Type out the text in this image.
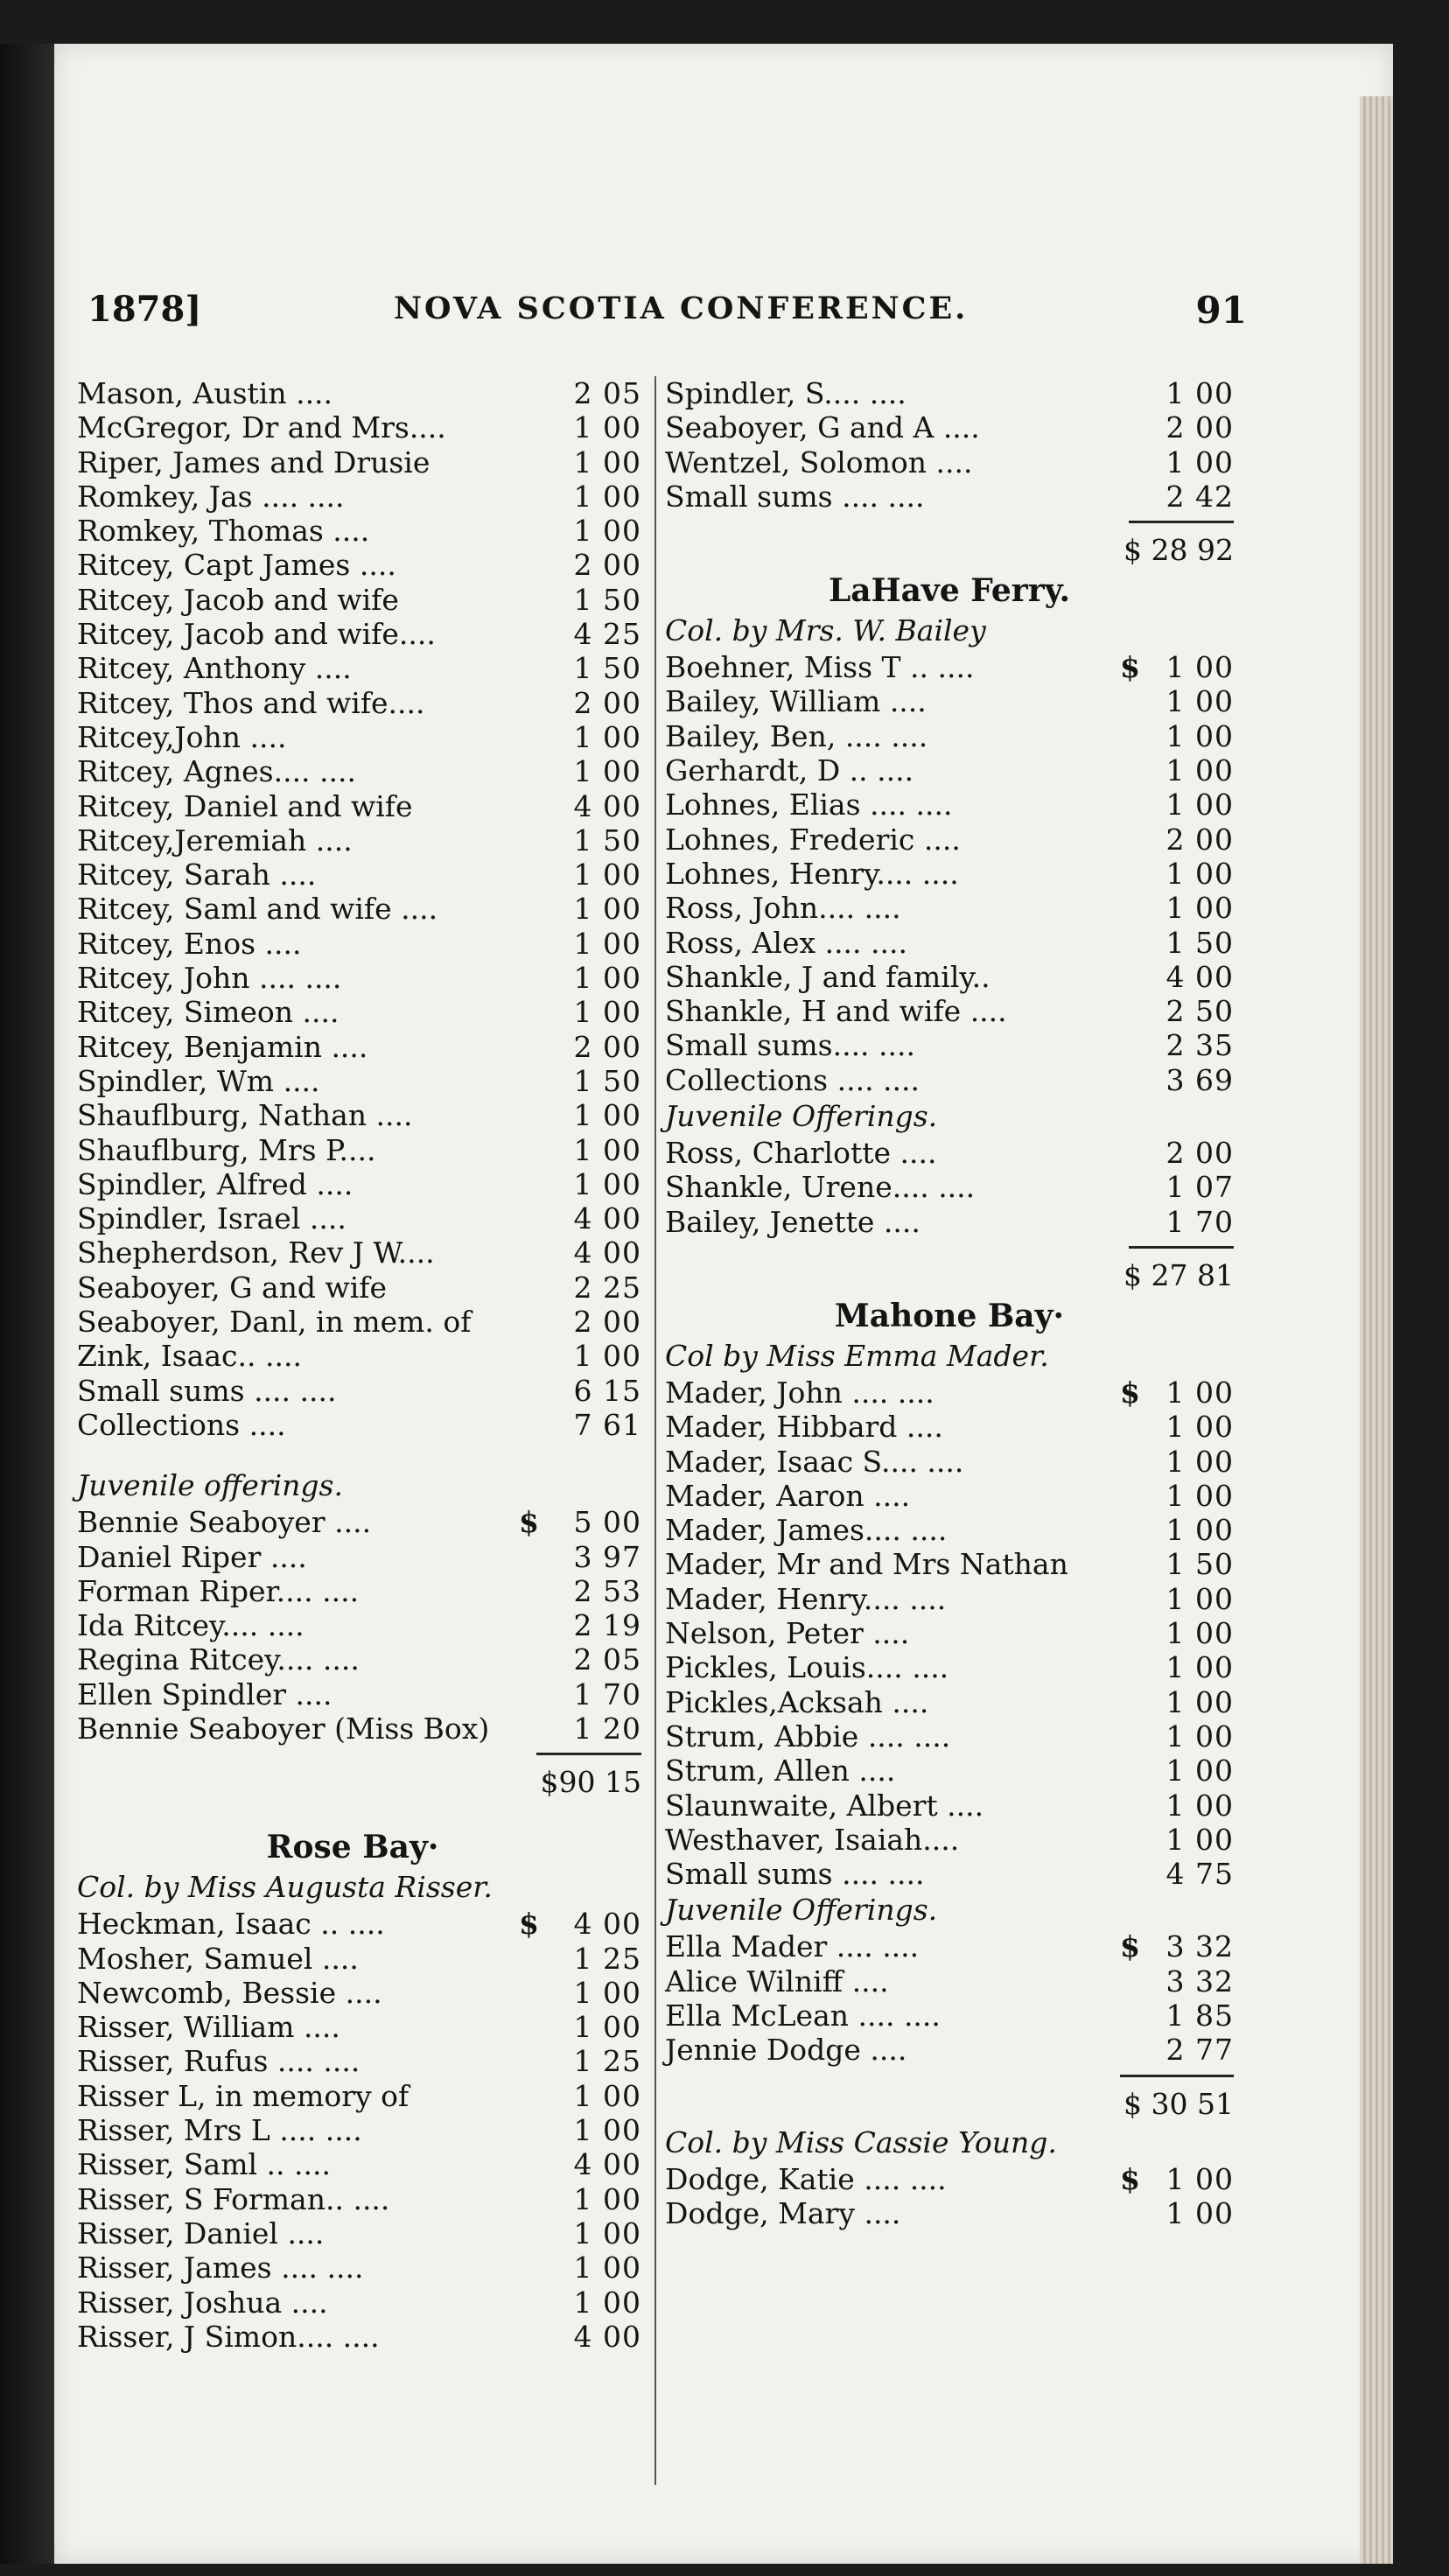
1878]	NOVA SCOTIA CONFERENCE.	91
Mason, Austin ....	2 05
McGregor, Dr and Mrs....	1 00
Riper, James and Drusie	1 00
Romkey, Jas .... ....	1 00
Romkey, Thomas ....	1 00
Ritcey, Capt James ....	2 00
Ritcey, Jacob and wife	1 50
Ritcey, Jacob and wife....	4 25
Ritcey, Anthony ....	1 50
Ritcey, Thos and wife....	2 00
Ritcey,John ....	1 00
Ritcey, Agnes.... ....	1 00
Ritcey, Daniel and wife	4 00
Ritcey,Jeremiah ....	1 50
Ritcey, Sarah ....	1 00
Ritcey, Saml and wife ....	1 00
Ritcey, Enos ....	1 00
Ritcey, John .... ....	1 00
Ritcey, Simeon ....	1 00
Ritcey, Benjamin ....	2 00
Spindler, Wm ....	1 50
Shauflburg, Nathan ....	1 00
Shauflburg, Mrs P....	1 00
Spindler, Alfred ....	1 00
Spindler, Israel ....	4 00
Shepherdson, Rev J W....	4 00
Seaboyer, G and wife	2 25
Seaboyer, Danl, in mem. of	2 00
Zink, Isaac.. ....	1 00
Small sums .... ....	6 15
Collections ....	7 61
Juvenile offerings.
Bennie Seaboyer ....	$ 5 00
Daniel Riper ....	3 97
Forman Riper.... ....	2 53
Ida Ritcey.... ....	2 19
Regina Ritcey.... ....	2 05
Ellen Spindler ....	1 70
Bennie Seaboyer (Miss Box)	1 20
$90 15
Rose Bay·
Col. by Miss Augusta Risser.
Heckman, Isaac .. ....	$ 4 00
Mosher, Samuel ....	1 25
Newcomb, Bessie ....	1 00
Risser, William ....	1 00
Risser, Rufus .... ....	1 25
Risser L, in memory of	1 00
Risser, Mrs L .... ....	1 00
Risser, Saml .. ....	4 00
Risser, S Forman.. ....	1 00
Risser, Daniel ....	1 00
Risser, James .... ....	1 00
Risser, Joshua ....	1 00
Risser, J Simon.... ....	4 00
Spindler, S.... ....	1 00
Seaboyer, G and A ....	2 00
Wentzel, Solomon ....	1 00
Small sums .... ....	2 42
$ 28 92
LaHave Ferry.
Col. by Mrs. W. Bailey
Boehner, Miss T .. ....	$ 1 00
Bailey, William ....	1 00
Bailey, Ben, .... ....	1 00
Gerhardt, D .. ....	1 00
Lohnes, Elias .... ....	1 00
Lohnes, Frederic ....	2 00
Lohnes, Henry.... ....	1 00
Ross, John.... ....	1 00
Ross, Alex .... ....	1 50
Shankle, J and family..	4 00
Shankle, H and wife ....	2 50
Small sums.... ....	2 35
Collections .... ....	3 69
Juvenile Offerings.
Ross, Charlotte ....	2 00
Shankle, Urene.... ....	1 07
Bailey, Jenette ....	1 70
$ 27 81
Mahone Bay·
Col by Miss Emma Mader.
Mader, John .... ....	$ 1 00
Mader, Hibbard ....	1 00
Mader, Isaac S.... ....	1 00
Mader, Aaron ....	1 00
Mader, James.... ....	1 00
Mader, Mr and Mrs Nathan	1 50
Mader, Henry.... ....	1 00
Nelson, Peter ....	1 00
Pickles, Louis.... ....	1 00
Pickles,Acksah ....	1 00
Strum, Abbie .... ....	1 00
Strum, Allen ....	1 00
Slaunwaite, Albert ....	1 00
Westhaver, Isaiah....	1 00
Small sums .... ....	4 75
Juvenile Offerings.
Ella Mader .... ....	$ 3 32
Alice Wilniff ....	3 32
Ella McLean .... ....	1 85
Jennie Dodge ....	2 77
$ 30 51
Col. by Miss Cassie Young.
Dodge, Katie .... ....	$ 1 00
Dodge, Mary ....	1 00
